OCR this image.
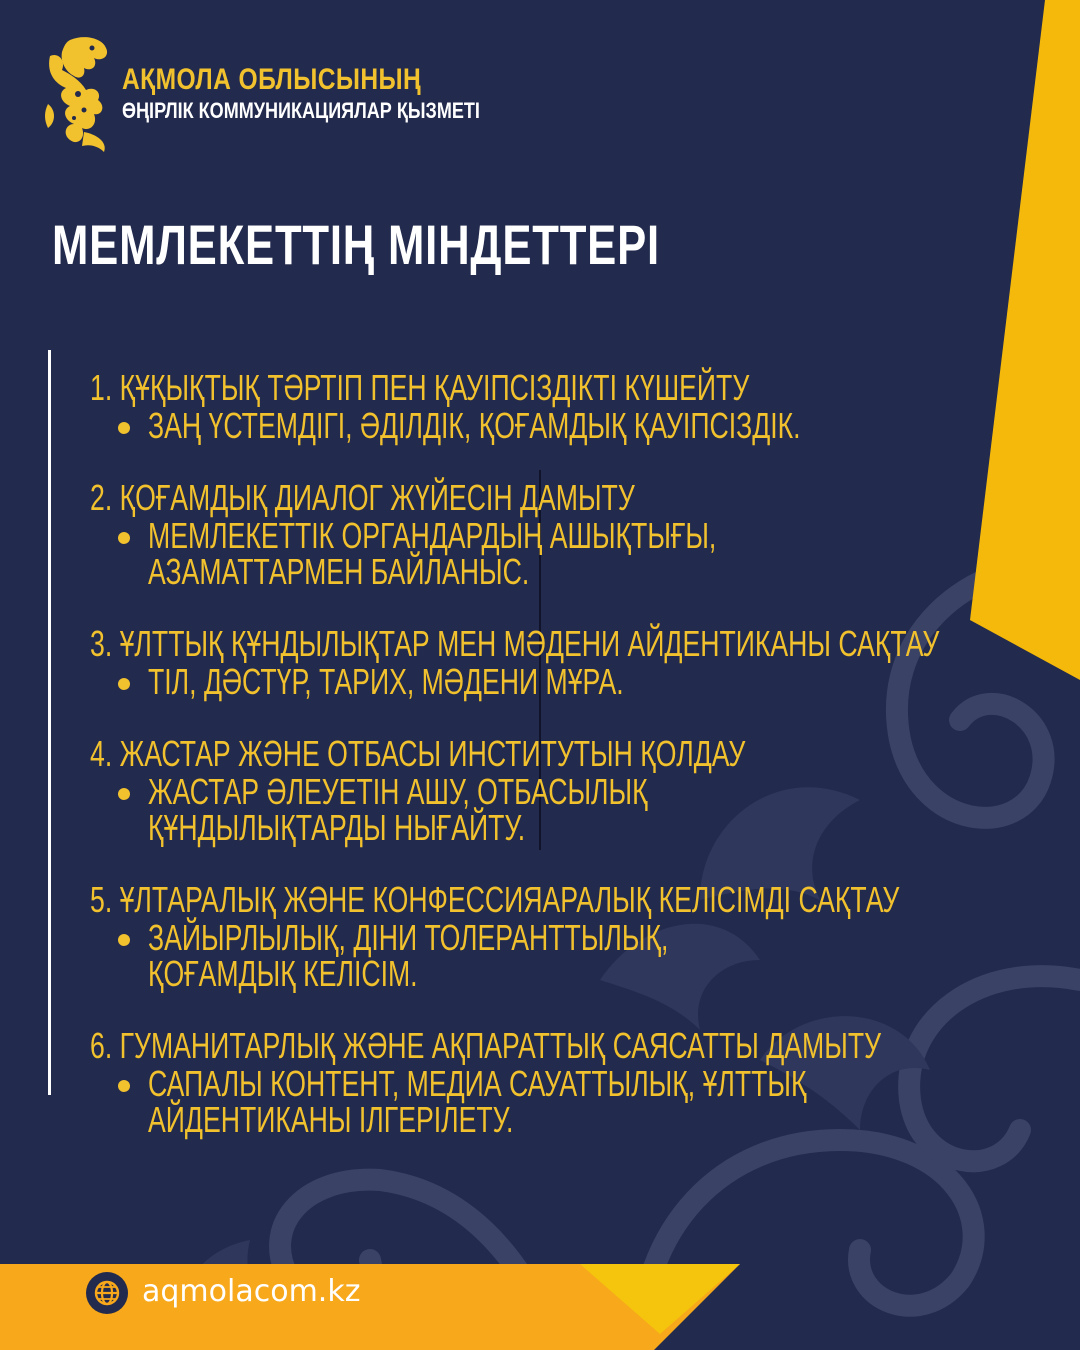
АҚМОЛА ОБЛЫСЫНЫҢ
ӨҢІРЛІК КОММУНИКАЦИЯЛАР ҚЫЗМЕТІ
МЕМЛЕКЕТТІҢ МІНДЕТТЕРІ
1. ҚҰҚЫҚТЫҚ ТӘРТІП ПЕН ҚАУІПСІЗДІКТІ КҮШЕЙТУ
ЗАҢ ҮСТЕМДІГІ, ӘДІЛДІК, ҚОҒАМДЫҚ ҚАУІПСІЗДІК.
2. ҚОҒАМДЫҚ ДИАЛОГ ЖҮЙЕСІН ДАМЫТУ
МЕМЛЕКЕТТІК ОРГАНДАРДЫҢ АШЫҚТЫҒЫ, АЗАМАТТАРМЕН БАЙЛАНЫС.
3. ҰЛТТЫҚ ҚҰНДЫЛЫҚТАР МЕН МӘДЕНИ АЙДЕНТИКАНЫ САҚТАУ
ТІЛ, ДӘСТҮР, ТАРИХ, МӘДЕНИ МҰРА.
4. ЖАСТАР ЖӘНЕ ОТБАСЫ ИНСТИТУТЫН ҚОЛДАУ
ЖАСТАР ӘЛЕУЕТІН АШУ, ОТБАСЫЛЫҚ ҚҰНДЫЛЫҚТАРДЫ НЫҒАЙТУ.
5. ҰЛТАРАЛЫҚ ЖӘНЕ КОНФЕССИЯАРАЛЫҚ КЕЛІСІМДІ САҚТАУ
ЗАЙЫРЛЫЛЫҚ, ДІНИ ТОЛЕРАНТТЫЛЫҚ, ҚОҒАМДЫҚ КЕЛІСІМ.
6. ГУМАНИТАРЛЫҚ ЖӘНЕ АҚПАРАТТЫҚ САЯСАТТЫ ДАМЫТУ
САПАЛЫ КОНТЕНТ, МЕДИА САУАТТЫЛЫҚ, ҰЛТТЫҚ АЙДЕНТИКАНЫ ІЛГЕРІЛЕТУ.
aqmolacom.kz
